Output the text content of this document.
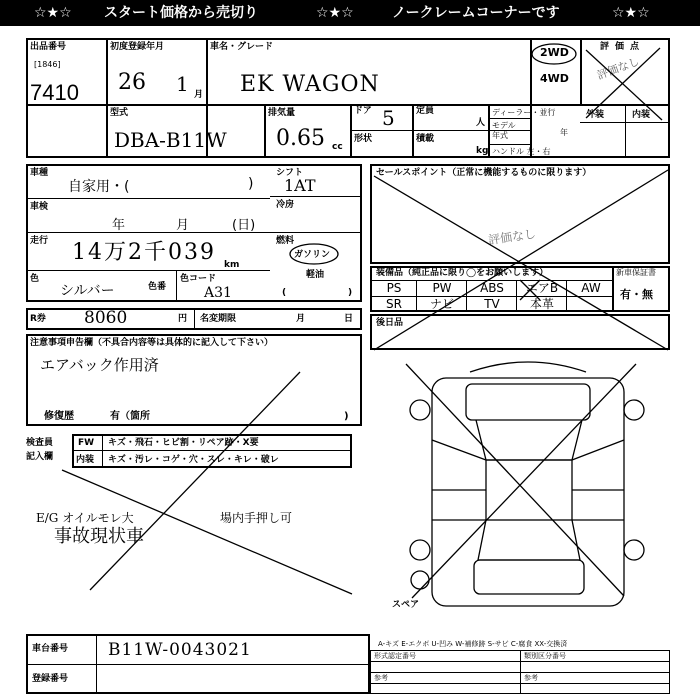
☆★☆ スタート価格から売切り	☆★☆	ノークレームコーナーです	☆★☆
出品番号
[1846]
7410
初度登録年月
26 1 月
車名・グレード
EK WAGON
2WD
4WD
評価点
評価なし
外装	内装
型式
DBA-B11W
排気量
0.65 cc
ドア 5 定員
人
形状	積載
kg
ディーラー・並行
モデル
年式	年
ハンドル 左・右
車種
自家用・(	)
車検
年	月	(日)
走行 14万2千039 km
色
シルバー	色番
色コード
A31
R券 8060	円 名変期限	月	日
注意事項申告欄（不具合内容等は具体的に記入して下さい）
エアバック作用済
修復歴	有（箇所	)
検査員
記入欄
FW キズ・飛石・ヒビ割・リペア跡・X要
内装 キズ・汚レ・コゲ・穴・スレ・キレ・破レ
E/G オイルモレ大
事故現状車
場内手押し可
シフト
1AT
冷房
燃料
ガソリン
軽油
(	)
セールスポイント（正常に機能するものに限ります）
評価なし
装備品（純正品に限り◯をお願いします）
PS	PW	ABS	エアB	AW
SR	ナビ	TV	本革
新車保証書
有・無
後日品
スペア
車台番号 B11W-0043021
登録番号
A-キズ E-エクボ U-凹み W-補修跡 S-サビ C-腐食 XX-交換済
形式認定番号	類別区分番号
参考	参考
